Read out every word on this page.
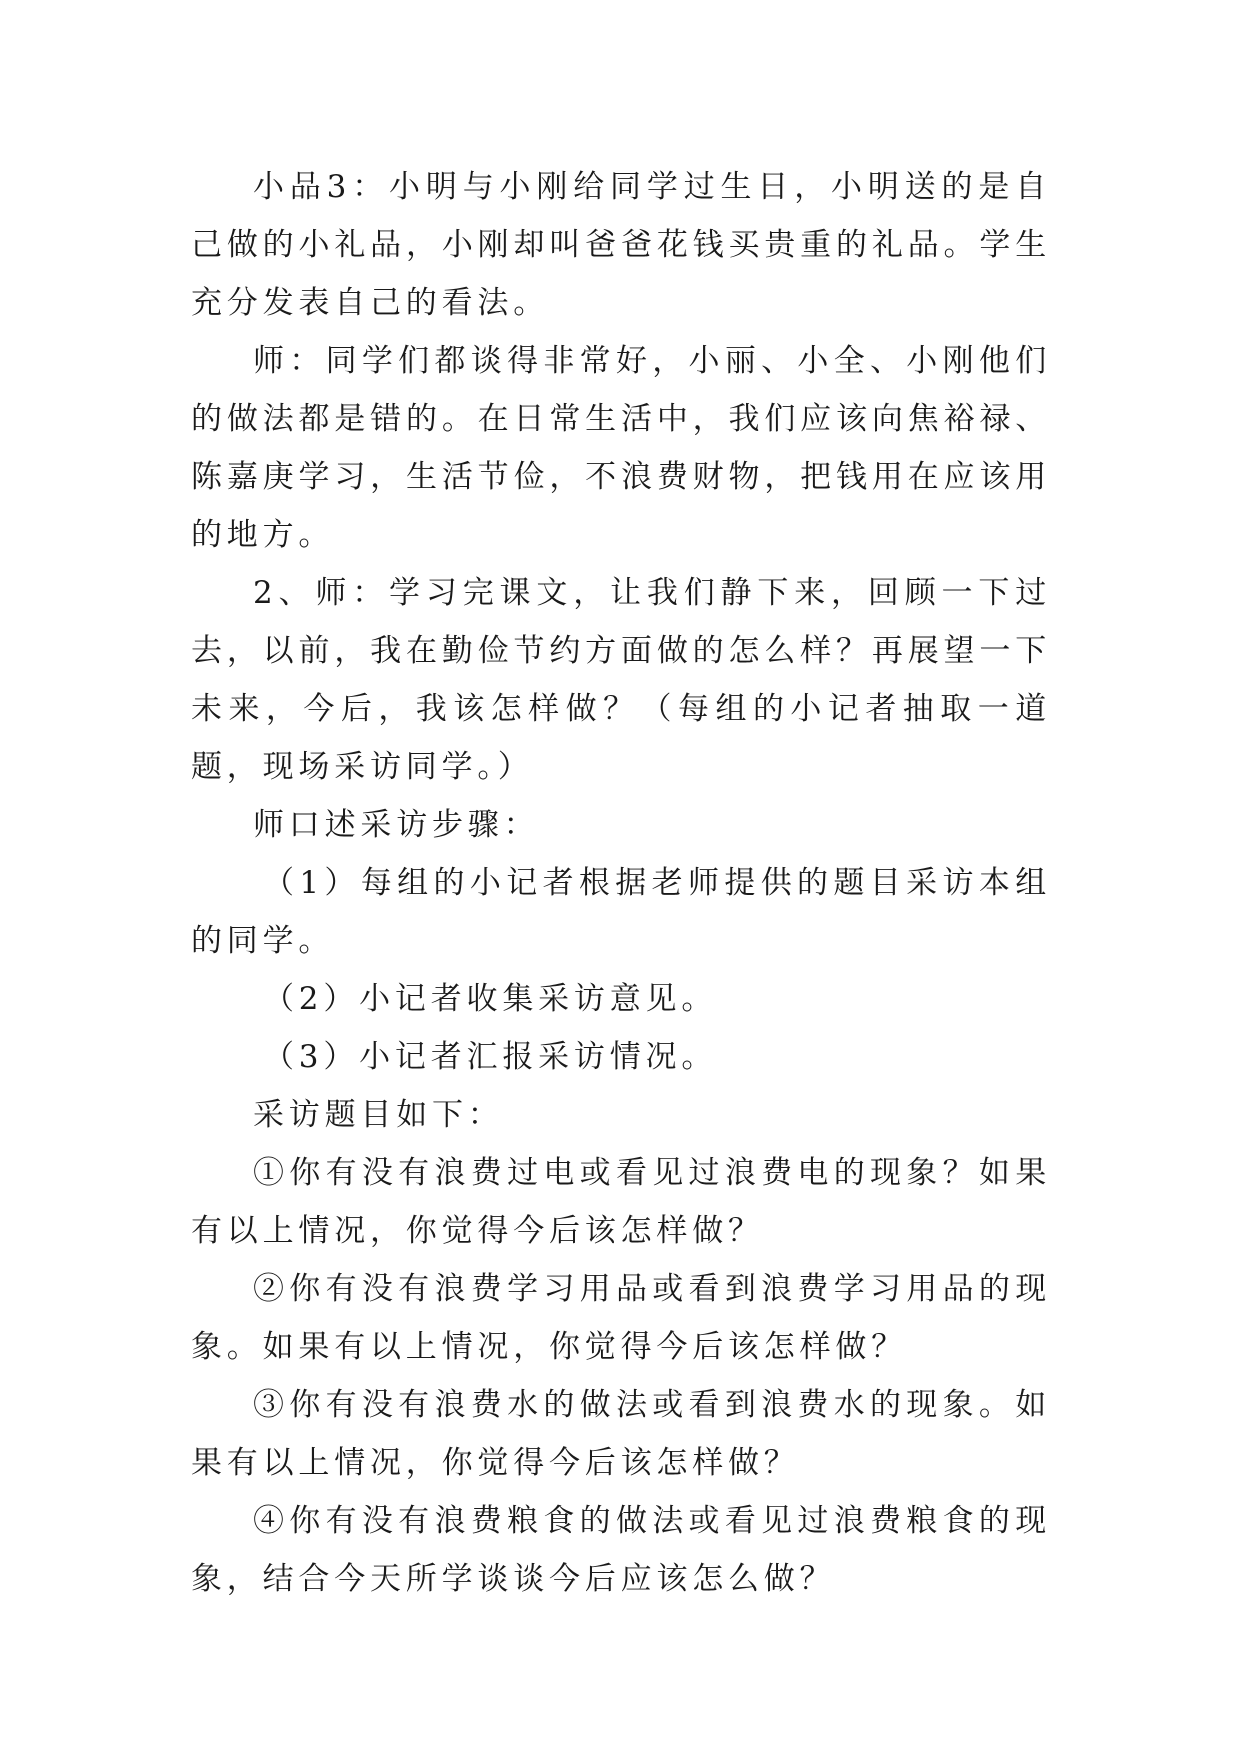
小品3：小明与小刚给同学过生日，小明送的是自己做的小礼品，小刚却叫爸爸花钱买贵重的礼品。学生充分发表自己的看法。

师：同学们都谈得非常好，小丽、小全、小刚他们的做法都是错的。在日常生活中，我们应该向焦裕禄、陈嘉庚学习，生活节俭，不浪费财物，把钱用在应该用的地方。

2、师：学习完课文，让我们静下来，回顾一下过去，以前，我在勤俭节约方面做的怎么样？再展望一下未来，今后，我该怎样做？（每组的小记者抽取一道题，现场采访同学。）

师口述采访步骤：

（1）每组的小记者根据老师提供的题目采访本组的同学。

（2）小记者收集采访意见。

（3）小记者汇报采访情况。

采访题目如下：

①你有没有浪费过电或看见过浪费电的现象？如果有以上情况，你觉得今后该怎样做？

②你有没有浪费学习用品或看到浪费学习用品的现象。如果有以上情况，你觉得今后该怎样做？

③你有没有浪费水的做法或看到浪费水的现象。如果有以上情况，你觉得今后该怎样做？

④你有没有浪费粮食的做法或看见过浪费粮食的现象，结合今天所学谈谈今后应该怎么做？
